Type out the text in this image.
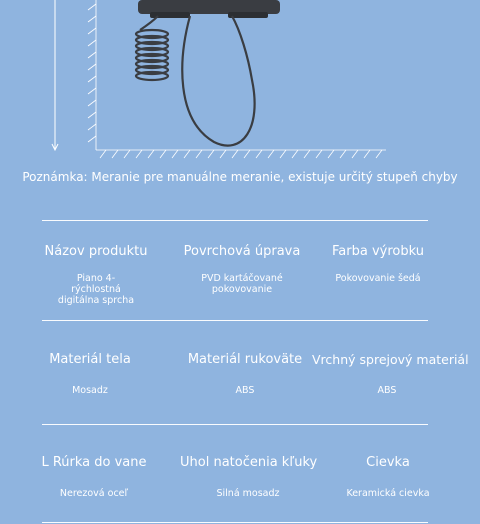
Poznámka: Meranie pre manuálne meranie, existuje určitý stupeň chyby
Názov produktu
Piano 4-rýchlostná digitálna sprcha
Povrchová úprava
PVD kartáčované pokovovanie
Farba výrobku
Pokovovanie šedá
Materiál tela
Mosadz
Materiál rukoväte
ABS
Vrchný sprejový materiál
ABS
L Rúrka do vane
Nerezová oceľ
Uhol natočenia kľuky
Silná mosadz
Cievka
Keramická cievka
